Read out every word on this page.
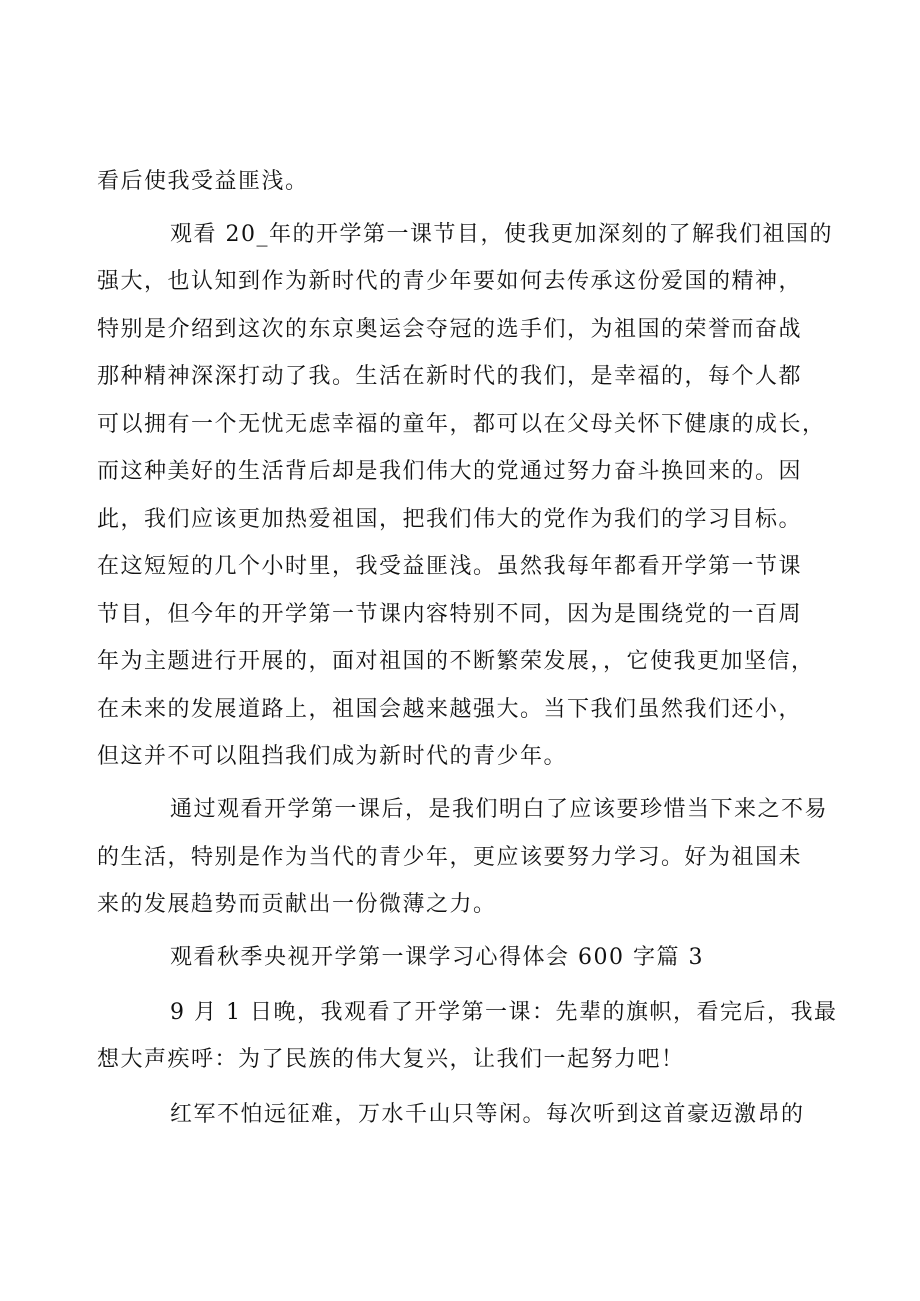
看后使我受益匪浅。
观看 20_年的开学第一课节目，使我更加深刻的了解我们祖国的
强大，也认知到作为新时代的青少年要如何去传承这份爱国的精神，
特别是介绍到这次的东京奥运会夺冠的选手们，为祖国的荣誉而奋战
那种精神深深打动了我。生活在新时代的我们，是幸福的，每个人都
可以拥有一个无忧无虑幸福的童年，都可以在父母关怀下健康的成长，
而这种美好的生活背后却是我们伟大的党通过努力奋斗换回来的。因
此，我们应该更加热爱祖国，把我们伟大的党作为我们的学习目标。
在这短短的几个小时里，我受益匪浅。虽然我每年都看开学第一节课
节目，但今年的开学第一节课内容特别不同，因为是围绕党的一百周
年为主题进行开展的，面对祖国的不断繁荣发展，，它使我更加坚信，
在未来的发展道路上，祖国会越来越强大。当下我们虽然我们还小，
但这并不可以阻挡我们成为新时代的青少年。
通过观看开学第一课后，是我们明白了应该要珍惜当下来之不易
的生活，特别是作为当代的青少年，更应该要努力学习。好为祖国未
来的发展趋势而贡献出一份微薄之力。
观看秋季央视开学第一课学习心得体会 600 字篇 3
9 月 1 日晚，我观看了开学第一课：先辈的旗帜，看完后，我最
想大声疾呼：为了民族的伟大复兴，让我们一起努力吧！
红军不怕远征难，万水千山只等闲。每次听到这首豪迈激昂的
